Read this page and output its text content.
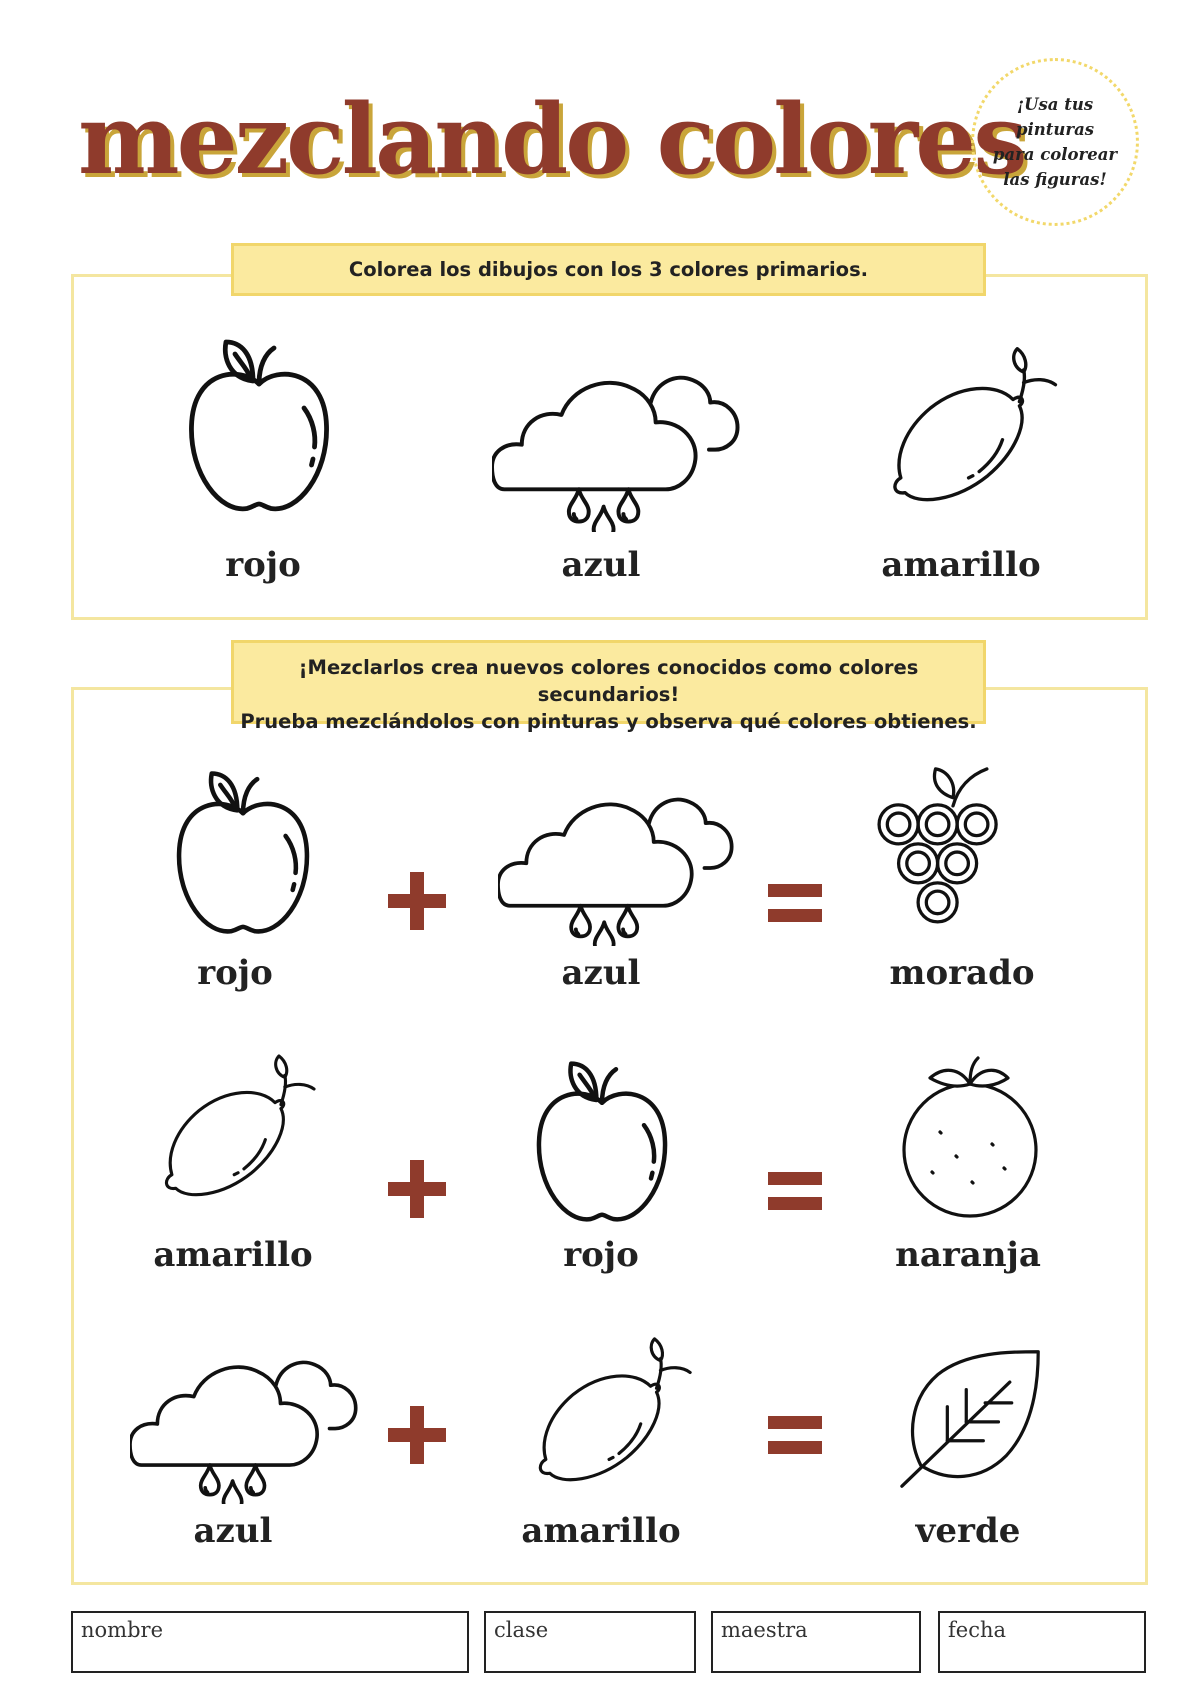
mezclando colores
¡Usa tus
pinturas
para colorear
las figuras!
Colorea los dibujos con los 3 colores primarios.
rojo	azul	amarillo
¡Mezclarlos crea nuevos colores conocidos como colores secundarios!
Prueba mezclándolos con pinturas y observa qué colores obtienes.
rojo	azul	morado
amarillo	rojo	naranja
azul	amarillo	verde
nombre	clase	maestra	fecha
